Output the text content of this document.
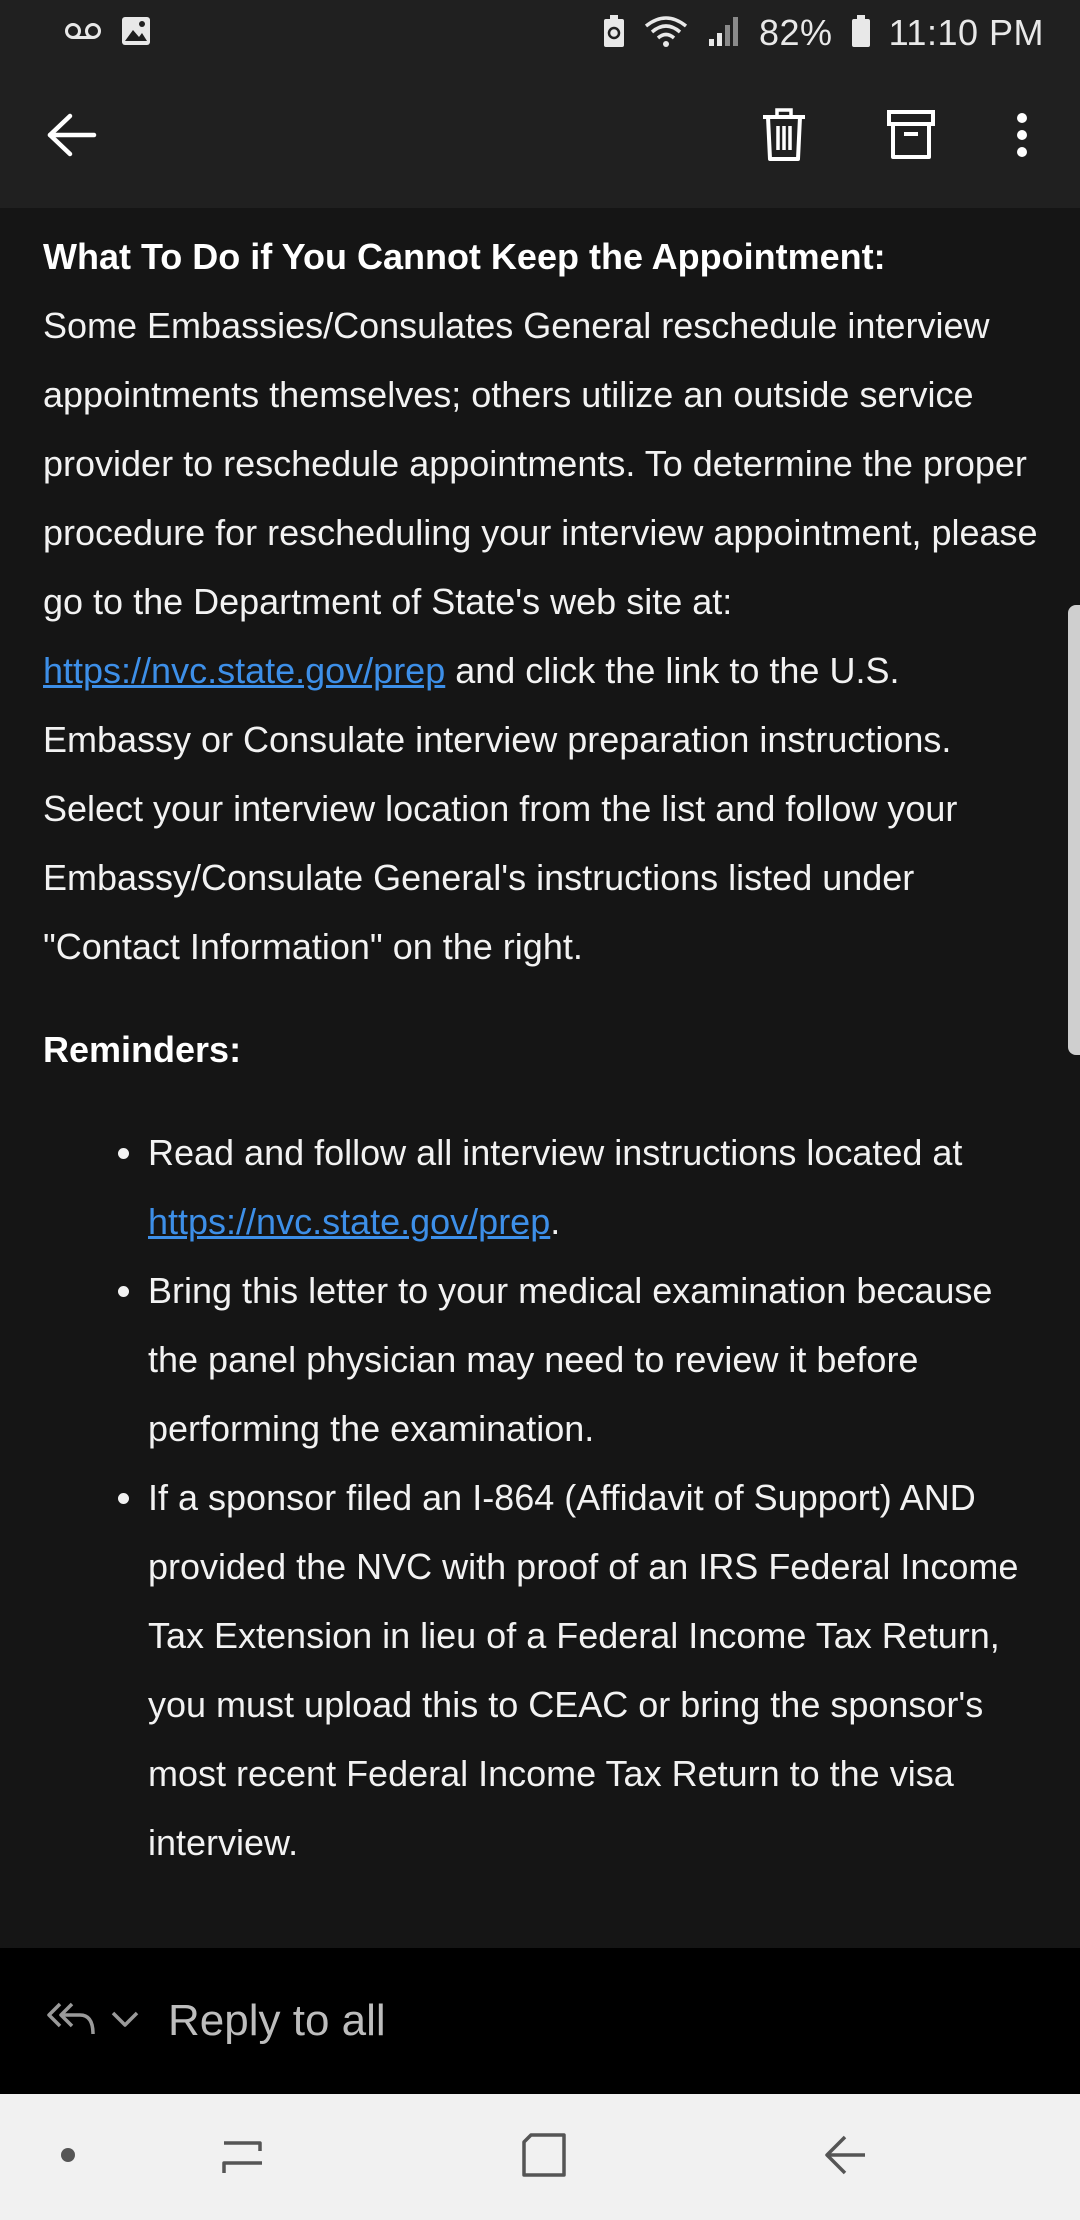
82% 11:10 PM
What To Do if You Cannot Keep the Appointment:

Some Embassies/Consulates General reschedule interview appointments themselves; others utilize an outside service provider to reschedule appointments. To determine the proper procedure for rescheduling your interview appointment, please go to the Department of State's web site at: https://nvc.state.gov/prep and click the link to the U.S. Embassy or Consulate interview preparation instructions. Select your interview location from the list and follow your Embassy/Consulate General's instructions listed under "Contact Information" on the right.

Reminders:
Read and follow all interview instructions located at https://nvc.state.gov/prep.
Bring this letter to your medical examination because the panel physician may need to review it before performing the examination.
If a sponsor filed an I-864 (Affidavit of Support) AND provided the NVC with proof of an IRS Federal Income Tax Extension in lieu of a Federal Income Tax Return, you must upload this to CEAC or bring the sponsor's most recent Federal Income Tax Return to the visa interview.
Reply to all
